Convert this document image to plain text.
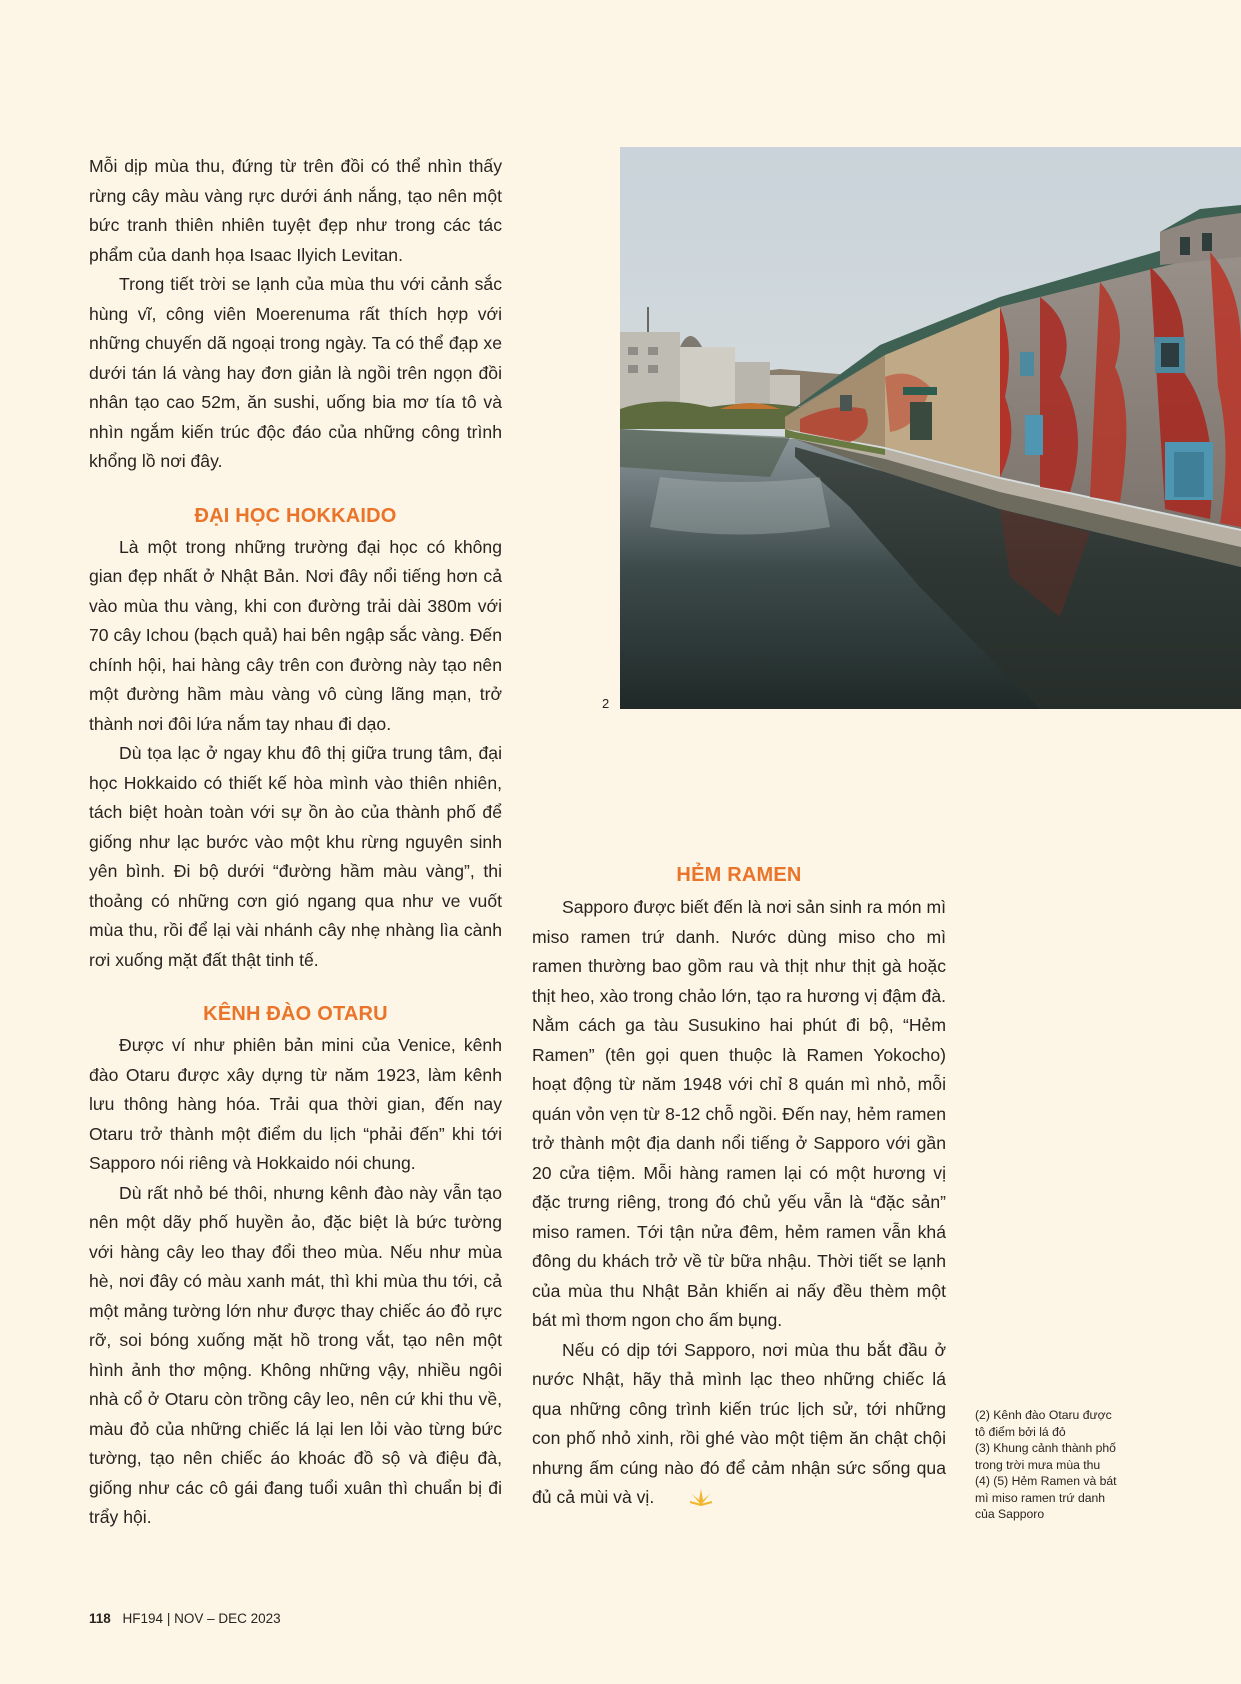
Mỗi dịp mùa thu, đứng từ trên đồi có thể nhìn thấy rừng cây màu vàng rực dưới ánh nắng, tạo nên một bức tranh thiên nhiên tuyệt đẹp như trong các tác phẩm của danh họa Isaac Ilyich Levitan.

Trong tiết trời se lạnh của mùa thu với cảnh sắc hùng vĩ, công viên Moerenuma rất thích hợp với những chuyến dã ngoại trong ngày. Ta có thể đạp xe dưới tán lá vàng hay đơn giản là ngồi trên ngọn đồi nhân tạo cao 52m, ăn sushi, uống bia mơ tía tô và nhìn ngắm kiến trúc độc đáo của những công trình khổng lồ nơi đây.

ĐẠI HỌC HOKKAIDO

Là một trong những trường đại học có không gian đẹp nhất ở Nhật Bản. Nơi đây nổi tiếng hơn cả vào mùa thu vàng, khi con đường trải dài 380m với 70 cây Ichou (bạch quả) hai bên ngập sắc vàng. Đến chính hội, hai hàng cây trên con đường này tạo nên một đường hầm màu vàng vô cùng lãng mạn, trở thành nơi đôi lứa nắm tay nhau đi dạo.

Dù tọa lạc ở ngay khu đô thị giữa trung tâm, đại học Hokkaido có thiết kế hòa mình vào thiên nhiên, tách biệt hoàn toàn với sự ồn ào của thành phố để giống như lạc bước vào một khu rừng nguyên sinh yên bình. Đi bộ dưới “đường hầm màu vàng”, thi thoảng có những cơn gió ngang qua như ve vuốt mùa thu, rồi để lại vài nhánh cây nhẹ nhàng lìa cành rơi xuống mặt đất thật tinh tế.

KÊNH ĐÀO OTARU

Được ví như phiên bản mini của Venice, kênh đào Otaru được xây dựng từ năm 1923, làm kênh lưu thông hàng hóa. Trải qua thời gian, đến nay Otaru trở thành một điểm du lịch “phải đến” khi tới Sapporo nói riêng và Hokkaido nói chung.

Dù rất nhỏ bé thôi, nhưng kênh đào này vẫn tạo nên một dãy phố huyền ảo, đặc biệt là bức tường với hàng cây leo thay đổi theo mùa. Nếu như mùa hè, nơi đây có màu xanh mát, thì khi mùa thu tới, cả một mảng tường lớn như được thay chiếc áo đỏ rực rỡ, soi bóng xuống mặt hồ trong vắt, tạo nên một hình ảnh thơ mộng. Không những vậy, nhiều ngôi nhà cổ ở Otaru còn trồng cây leo, nên cứ khi thu về, màu đỏ của những chiếc lá lại len lỏi vào từng bức tường, tạo nên chiếc áo khoác đồ sộ và điệu đà, giống như các cô gái đang tuổi xuân thì chuẩn bị đi trẩy hội.

2
HẺM RAMEN

Sapporo được biết đến là nơi sản sinh ra món mì miso ramen trứ danh. Nước dùng miso cho mì ramen thường bao gồm rau và thịt như thịt gà hoặc thịt heo, xào trong chảo lớn, tạo ra hương vị đậm đà. Nằm cách ga tàu Susukino hai phút đi bộ, “Hẻm Ramen” (tên gọi quen thuộc là Ramen Yokocho) hoạt động từ năm 1948 với chỉ 8 quán mì nhỏ, mỗi quán vỏn vẹn từ 8-12 chỗ ngồi. Đến nay, hẻm ramen trở thành một địa danh nổi tiếng ở Sapporo với gần 20 cửa tiệm. Mỗi hàng ramen lại có một hương vị đặc trưng riêng, trong đó chủ yếu vẫn là “đặc sản” miso ramen. Tới tận nửa đêm, hẻm ramen vẫn khá đông du khách trở về từ bữa nhậu. Thời tiết se lạnh của mùa thu Nhật Bản khiến ai nấy đều thèm một bát mì thơm ngon cho ấm bụng.

Nếu có dịp tới Sapporo, nơi mùa thu bắt đầu ở nước Nhật, hãy thả mình lạc theo những chiếc lá qua những công trình kiến trúc lịch sử, tới những con phố nhỏ xinh, rồi ghé vào một tiệm ăn chật chội nhưng ấm cúng nào đó để cảm nhận sức sống qua đủ cả mùi và vị.

(2) Kênh đào Otaru được tô điểm bởi lá đỏ
(3) Khung cảnh thành phố trong trời mưa mùa thu
(4) (5) Hẻm Ramen và bát mì miso ramen trứ danh của Sapporo
118 HF194 | NOV – DEC 2023
